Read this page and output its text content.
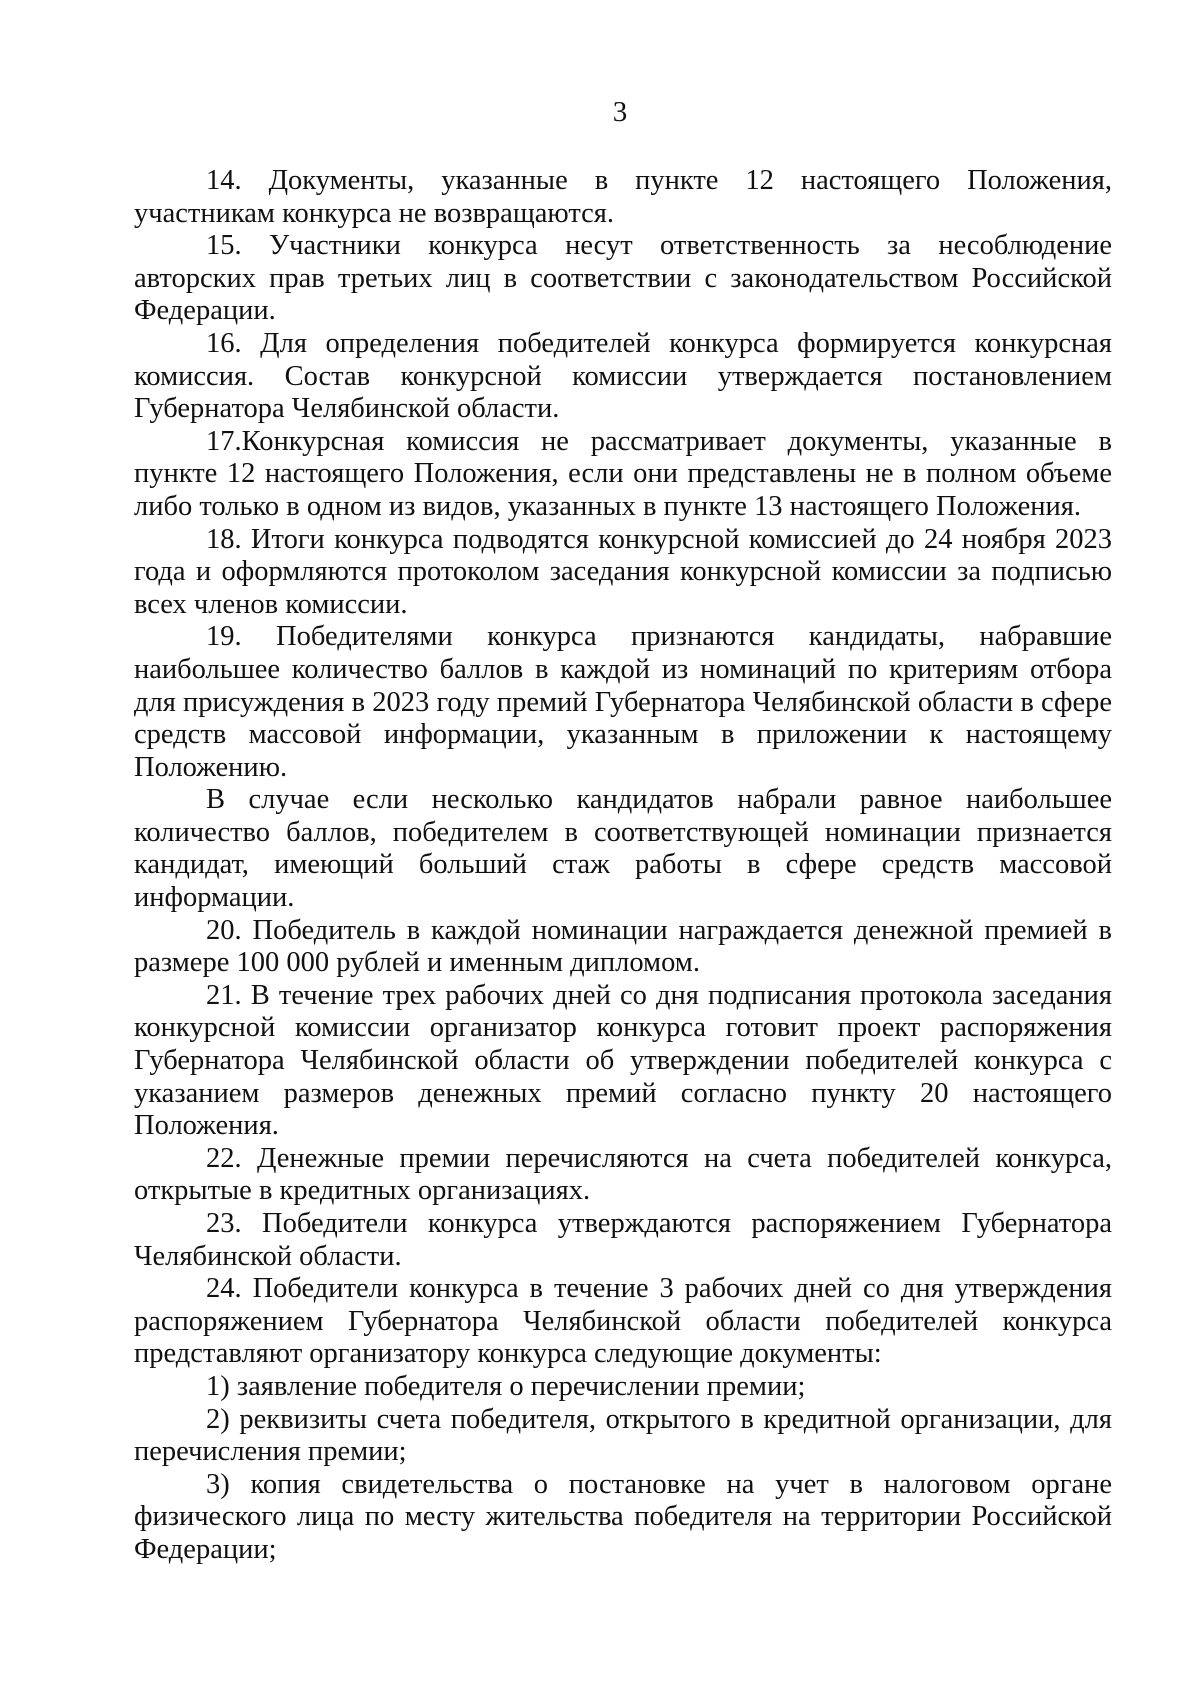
3

14. Документы, указанные в пункте 12 настоящего Положения, участникам конкурса не возвращаются.

15. Участники конкурса несут ответственность за несоблюдение авторских прав третьих лиц в соответствии с законодательством Российской Федерации.

16. Для определения победителей конкурса формируется конкурсная комиссия. Состав конкурсной комиссии утверждается постановлением Губернатора Челябинской области.

17.Конкурсная комиссия не рассматривает документы, указанные в пункте 12 настоящего Положения, если они представлены не в полном объеме либо только в одном из видов, указанных в пункте 13 настоящего Положения.

18. Итоги конкурса подводятся конкурсной комиссией до 24 ноября 2023 года и оформляются протоколом заседания конкурсной комиссии за подписью всех членов комиссии.

19. Победителями конкурса признаются кандидаты, набравшие наибольшее количество баллов в каждой из номинаций по критериям отбора для присуждения в 2023 году премий Губернатора Челябинской области в сфере средств массовой информации, указанным в приложении к настоящему Положению.

В случае если несколько кандидатов набрали равное наибольшее количество баллов, победителем в соответствующей номинации признается кандидат, имеющий больший стаж работы в сфере средств массовой информации.

20. Победитель в каждой номинации награждается денежной премией в размере 100 000 рублей и именным дипломом.

21. В течение трех рабочих дней со дня подписания протокола заседания конкурсной комиссии организатор конкурса готовит проект распоряжения Губернатора Челябинской области об утверждении победителей конкурса с указанием размеров денежных премий согласно пункту 20 настоящего Положения.

22. Денежные премии перечисляются на счета победителей конкурса, открытые в кредитных организациях.

23. Победители конкурса утверждаются распоряжением Губернатора Челябинской области.

24. Победители конкурса в течение 3 рабочих дней со дня утверждения распоряжением Губернатора Челябинской области победителей конкурса представляют организатору конкурса следующие документы:

1) заявление победителя о перечислении премии;

2) реквизиты счета победителя, открытого в кредитной организации, для перечисления премии;

3) копия свидетельства о постановке на учет в налоговом органе физического лица по месту жительства победителя на территории Российской Федерации;
